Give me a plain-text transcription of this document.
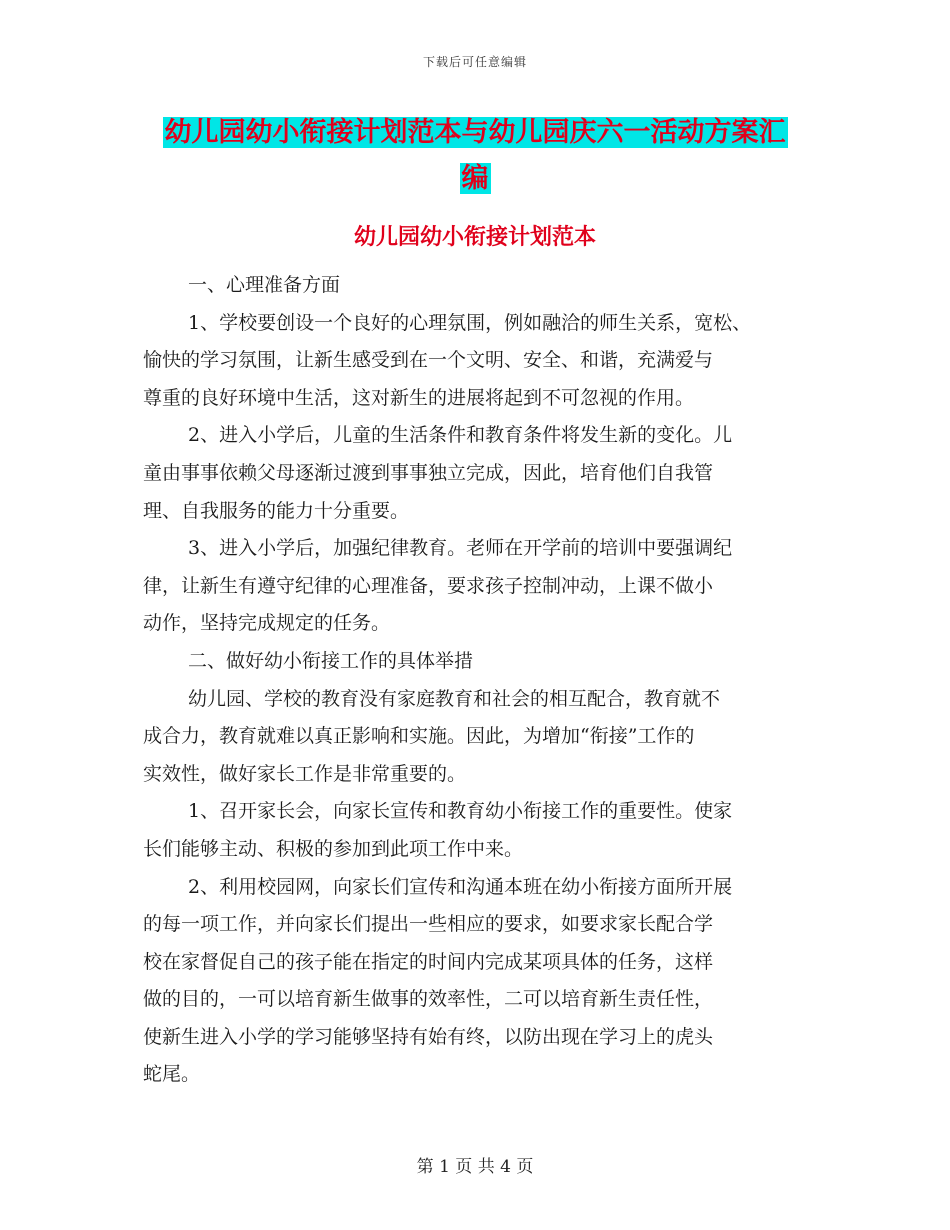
下载后可任意编辑
幼儿园幼小衔接计划范本与幼儿园庆六一活动方案汇
编
幼儿园幼小衔接计划范本

一、心理准备方面

1、学校要创设一个良好的心理氛围，例如融洽的师生关系，宽松、

愉快的学习氛围，让新生感受到在一个文明、安全、和谐，充满爱与

尊重的良好环境中生活，这对新生的进展将起到不可忽视的作用。

2、进入小学后，儿童的生活条件和教育条件将发生新的变化。儿

童由事事依赖父母逐渐过渡到事事独立完成，因此，培育他们自我管

理、自我服务的能力十分重要。

3、进入小学后，加强纪律教育。老师在开学前的培训中要强调纪

律，让新生有遵守纪律的心理准备，要求孩子控制冲动，上课不做小

动作，坚持完成规定的任务。

二、做好幼小衔接工作的具体举措

幼儿园、学校的教育没有家庭教育和社会的相互配合，教育就不

成合力，教育就难以真正影响和实施。因此，为增加“衔接”工作的

实效性，做好家长工作是非常重要的。

1、召开家长会，向家长宣传和教育幼小衔接工作的重要性。使家

长们能够主动、积极的参加到此项工作中来。

2、利用校园网，向家长们宣传和沟通本班在幼小衔接方面所开展

的每一项工作，并向家长们提出一些相应的要求，如要求家长配合学

校在家督促自己的孩子能在指定的时间内完成某项具体的任务，这样

做的目的，一可以培育新生做事的效率性，二可以培育新生责任性，

使新生进入小学的学习能够坚持有始有终，以防出现在学习上的虎头

蛇尾。

第 1 页 共 4 页
